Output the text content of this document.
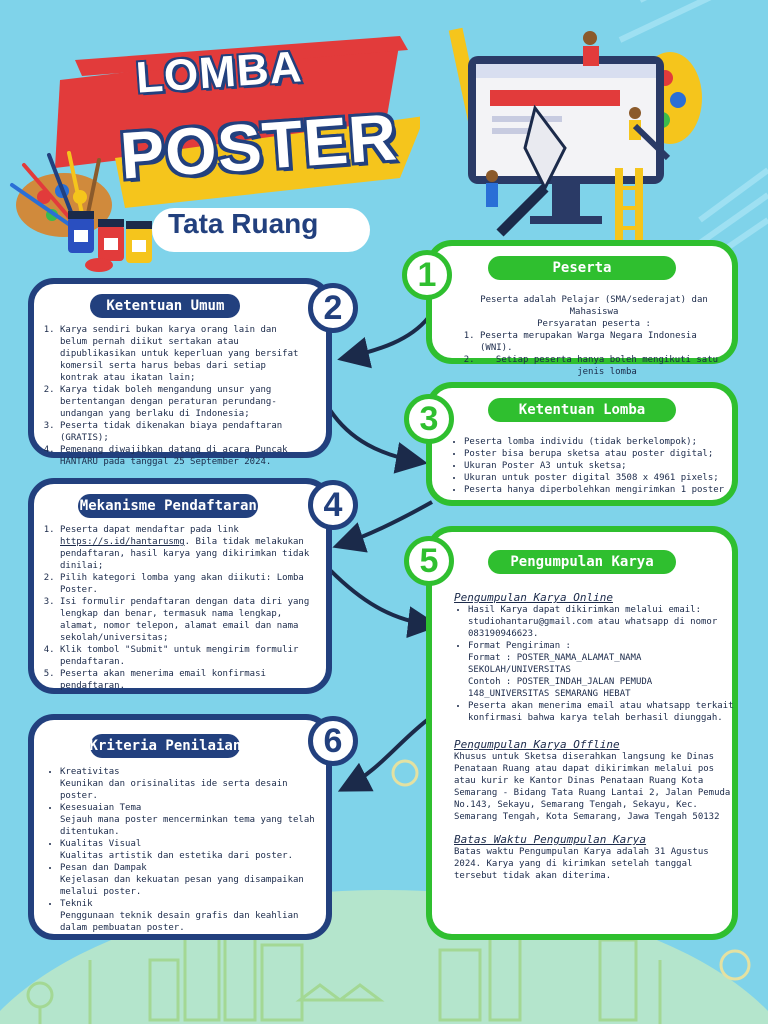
LOMBA
POSTER
Tata Ruang
Peserta
Peserta adalah Pelajar (SMA/sederajat) dan Mahasiswa
Persyaratan peserta :
1. Peserta merupakan Warga Negara Indonesia (WNI).
2. Setiap peserta hanya boleh mengikuti satu jenis lomba
1
Ketentuan Umum
1. Karya sendiri bukan karya orang lain dan belum pernah diikut sertakan atau dipublikasikan untuk keperluan yang bersifat komersil serta harus bebas dari setiap kontrak atau ikatan lain;
2. Karya tidak boleh mengandung unsur yang bertentangan dengan peraturan perundang-undangan yang berlaku di Indonesia;
3. Peserta tidak dikenakan biaya pendaftaran (GRATIS);
4. Pemenang diwajibkan datang di acara Puncak HANTARU pada tanggal 25 September 2024.
2
Ketentuan Lomba
• Peserta lomba individu (tidak berkelompok);
• Poster bisa berupa sketsa atau poster digital;
• Ukuran Poster A3 untuk sketsa;
• Ukuran untuk poster digital 3508 x 4961 pixels;
• Peserta hanya diperbolehkan mengirimkan 1 poster
3
Mekanisme Pendaftaran
1. Peserta dapat mendaftar pada link https://s.id/hantarusmg. Bila tidak melakukan pendaftaran, hasil karya yang dikirimkan tidak dinilai;
2. Pilih kategori lomba yang akan diikuti: Lomba Poster.
3. Isi formulir pendaftaran dengan data diri yang lengkap dan benar, termasuk nama lengkap, alamat, nomor telepon, alamat email dan nama sekolah/universitas;
4. Klik tombol "Submit" untuk mengirim formulir pendaftaran.
5. Peserta akan menerima email konfirmasi pendaftaran.
4
Pengumpulan Karya
Pengumpulan Karya Online
• Hasil Karya dapat dikirimkan melalui email: studiohantaru@gmail.com atau whatsapp di nomor 083190946623.
• Format Pengiriman :
Format : POSTER_NAMA_ALAMAT_NAMA SEKOLAH/UNIVERSITAS
Contoh : POSTER_INDAH_JALAN PEMUDA 148_UNIVERSITAS SEMARANG HEBAT
• Peserta akan menerima email atau whatsapp terkait konfirmasi bahwa karya telah berhasil diunggah.
Pengumpulan Karya Offline
Khusus untuk Sketsa diserahkan langsung ke Dinas Penataan Ruang atau dapat dikirimkan melalui pos atau kurir ke Kantor Dinas Penataan Ruang Kota Semarang - Bidang Tata Ruang Lantai 2, Jalan Pemuda No.143, Sekayu, Semarang Tengah, Sekayu, Kec. Semarang Tengah, Kota Semarang, Jawa Tengah 50132
Batas Waktu Pengumpulan Karya
Batas waktu Pengumpulan Karya adalah 31 Agustus 2024. Karya yang di kirimkan setelah tanggal tersebut tidak akan diterima.
5
Kriteria Penilaian
• Kreativitas
Keunikan dan orisinalitas ide serta desain poster.
• Kesesuaian Tema
Sejauh mana poster mencerminkan tema yang telah ditentukan.
• Kualitas Visual
Kualitas artistik dan estetika dari poster.
• Pesan dan Dampak
Kejelasan dan kekuatan pesan yang disampaikan melalui poster.
• Teknik
Penggunaan teknik desain grafis dan keahlian dalam pembuatan poster.
6
